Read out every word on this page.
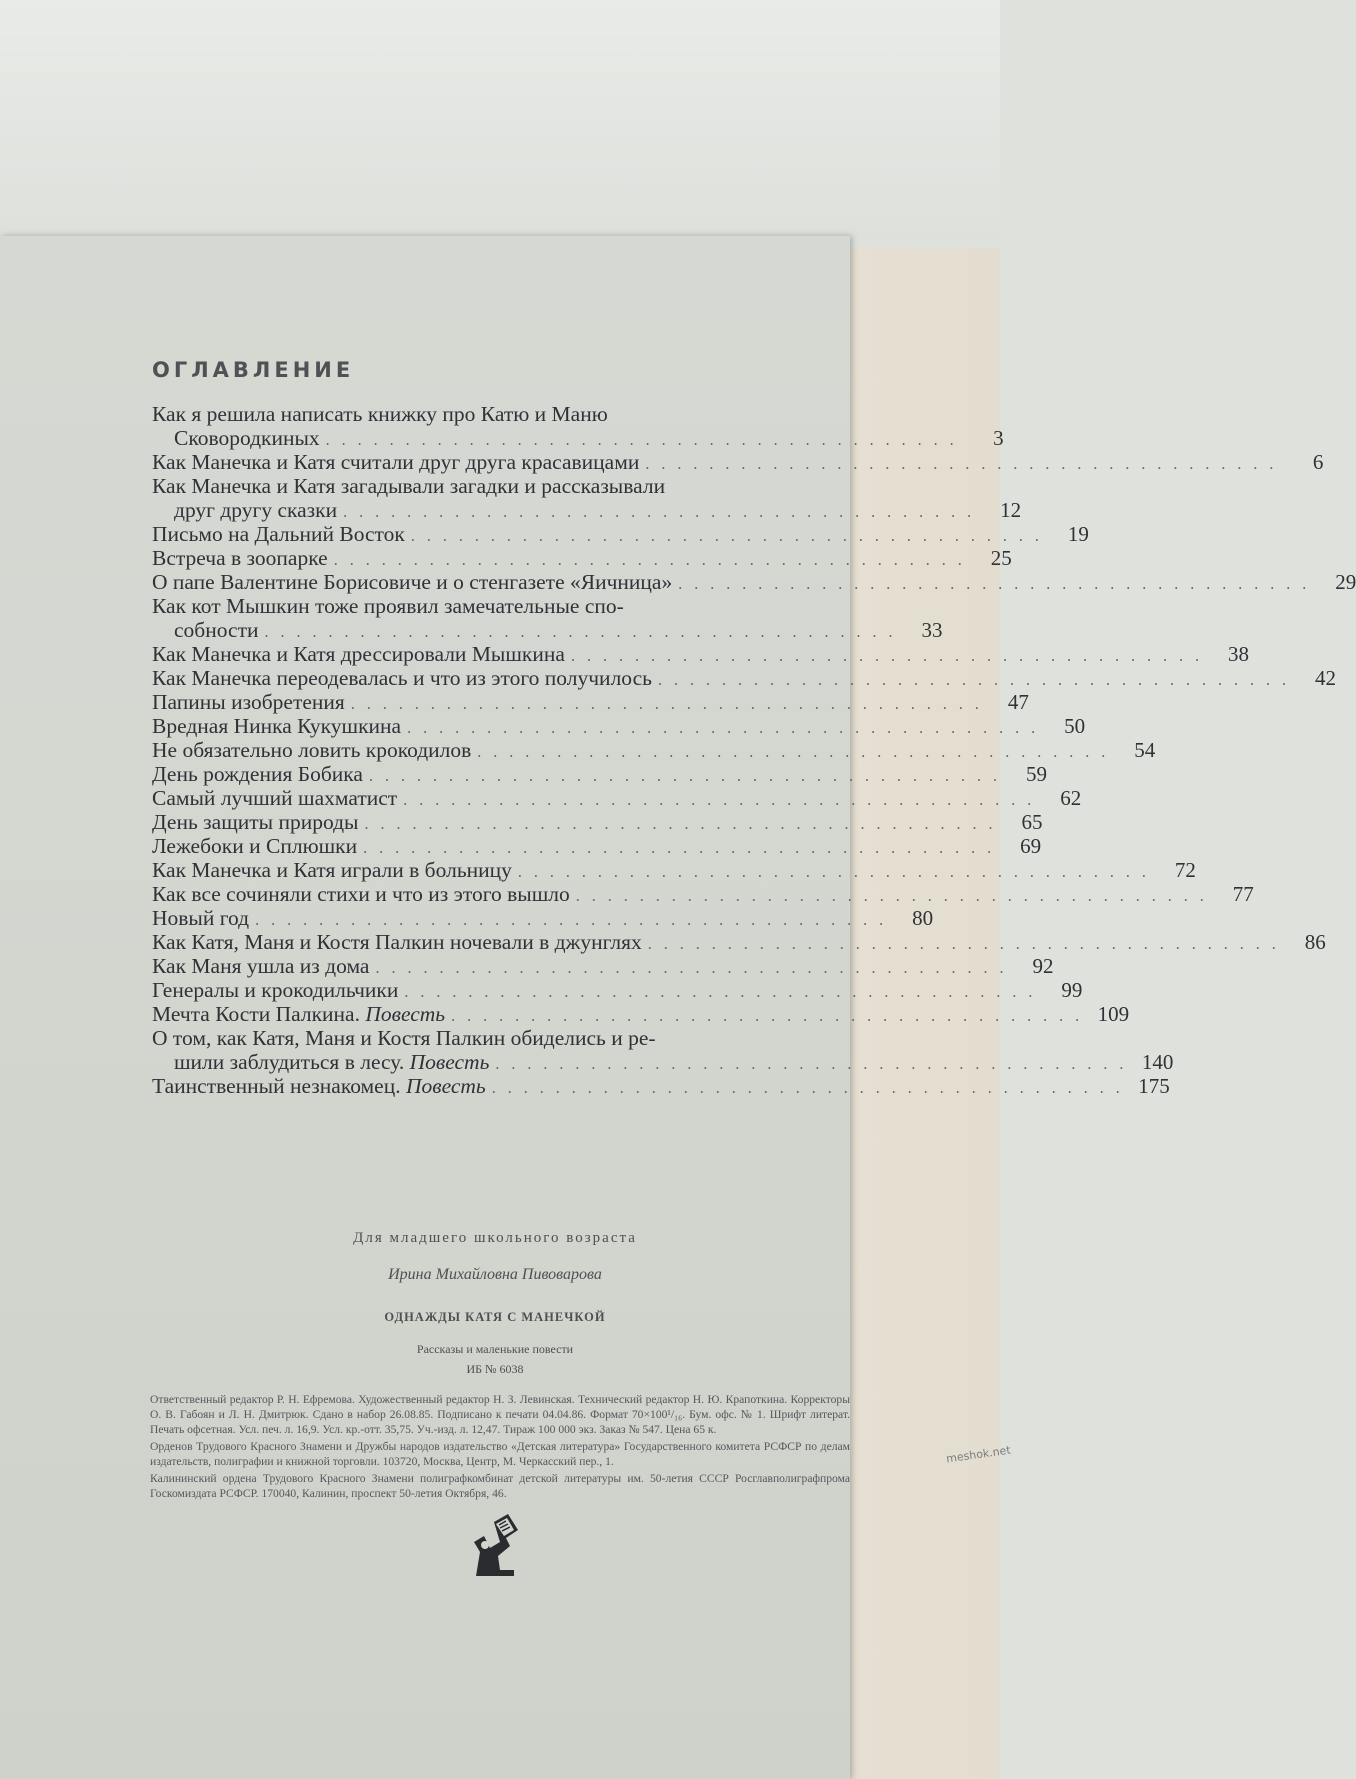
ОГЛАВЛЕНИЕ
Как я решила написать книжку про Катю и Маню
Сковородкиных . . . . . . . . . . . . . . . . . . . . . . . . . . . . . . . . . . . . . . . .	3
Как Манечка и Катя считали друг друга красавицами . . . . . . . . . . . . . . . . . . . . . . . . . . . . . . . . . . . . . . . .	6
Как Манечка и Катя загадывали загадки и рассказывали
друг другу сказки . . . . . . . . . . . . . . . . . . . . . . . . . . . . . . . . . . . . . . . .	12
Письмо на Дальний Восток . . . . . . . . . . . . . . . . . . . . . . . . . . . . . . . . . . . . . . . .	19
Встреча в зоопарке . . . . . . . . . . . . . . . . . . . . . . . . . . . . . . . . . . . . . . . .	25
О папе Валентине Борисовиче и о стенгазете «Яичница» . . . . . . . . . . . . . . . . . . . . . . . . . . . . . . . . . . . . . . . .	29
Как кот Мышкин тоже проявил замечательные спо-
собности . . . . . . . . . . . . . . . . . . . . . . . . . . . . . . . . . . . . . . . .	33
Как Манечка и Катя дрессировали Мышкина . . . . . . . . . . . . . . . . . . . . . . . . . . . . . . . . . . . . . . . .	38
Как Манечка переодевалась и что из этого получилось . . . . . . . . . . . . . . . . . . . . . . . . . . . . . . . . . . . . . . . .	42
Папины изобретения . . . . . . . . . . . . . . . . . . . . . . . . . . . . . . . . . . . . . . . .	47
Вредная Нинка Кукушкина . . . . . . . . . . . . . . . . . . . . . . . . . . . . . . . . . . . . . . . .	50
Не обязательно ловить крокодилов . . . . . . . . . . . . . . . . . . . . . . . . . . . . . . . . . . . . . . . .	54
День рождения Бобика . . . . . . . . . . . . . . . . . . . . . . . . . . . . . . . . . . . . . . . .	59
Самый лучший шахматист . . . . . . . . . . . . . . . . . . . . . . . . . . . . . . . . . . . . . . . .	62
День защиты природы . . . . . . . . . . . . . . . . . . . . . . . . . . . . . . . . . . . . . . . .	65
Лежебоки и Сплюшки . . . . . . . . . . . . . . . . . . . . . . . . . . . . . . . . . . . . . . . .	69
Как Манечка и Катя играли в больницу . . . . . . . . . . . . . . . . . . . . . . . . . . . . . . . . . . . . . . . .	72
Как все сочиняли стихи и что из этого вышло . . . . . . . . . . . . . . . . . . . . . . . . . . . . . . . . . . . . . . . .	77
Новый год . . . . . . . . . . . . . . . . . . . . . . . . . . . . . . . . . . . . . . . .	80
Как Катя, Маня и Костя Палкин ночевали в джунглях . . . . . . . . . . . . . . . . . . . . . . . . . . . . . . . . . . . . . . . .	86
Как Маня ушла из дома . . . . . . . . . . . . . . . . . . . . . . . . . . . . . . . . . . . . . . . .	92
Генералы и крокодильчики . . . . . . . . . . . . . . . . . . . . . . . . . . . . . . . . . . . . . . . .	99
Мечта Кости Палкина.
Повесть . . . . . . . . . . . . . . . . . . . . . . . . . . . . . . . . . . . . . . . . 109
О том, как Катя, Маня и Костя Палкин обиделись и ре-
шили заблудиться в лесу.
Повесть . . . . . . . . . . . . . . . . . . . . . . . . . . . . . . . . . . . . . . . . 140
Таинственный незнакомец.
Повесть . . . . . . . . . . . . . . . . . . . . . . . . . . . . . . . . . . . . . . . . 175
Для младшего школьного возраста
Ирина Михайловна Пивоварова
ОДНАЖДЫ КАТЯ С МАНЕЧКОЙ
Рассказы и маленькие повести
ИБ № 6038

Ответственный редактор Р. Н. Ефремова. Художественный редактор Н. З. Левинская. Технический редактор Н. Ю. Крапоткина. Корректоры О. В. Габоян и Л. Н. Дмитрюк. Сдано в набор 26.08.85. Подписано к печати 04.04.86. Формат 70×100¹/₁₆. Бум. офс. № 1. Шрифт литерат. Печать офсетная. Усл. печ. л. 16,9. Усл. кр.-отт. 35,75. Уч.-изд. л. 12,47. Тираж 100 000 экз. Заказ № 547. Цена 65 к.

Орденов Трудового Красного Знамени и Дружбы народов издательство «Детская литература» Государственного комитета РСФСР по делам издательств, полиграфии и книжной торговли. 103720, Москва, Центр, М. Черкасский пер., 1.

Калининский ордена Трудового Красного Знамени полиграфкомбинат детской литературы им. 50-летия СССР Росглавполиграфпрома Госкомиздата РСФСР. 170040, Калинин, проспект 50-летия Октября, 46.

meshok.net
